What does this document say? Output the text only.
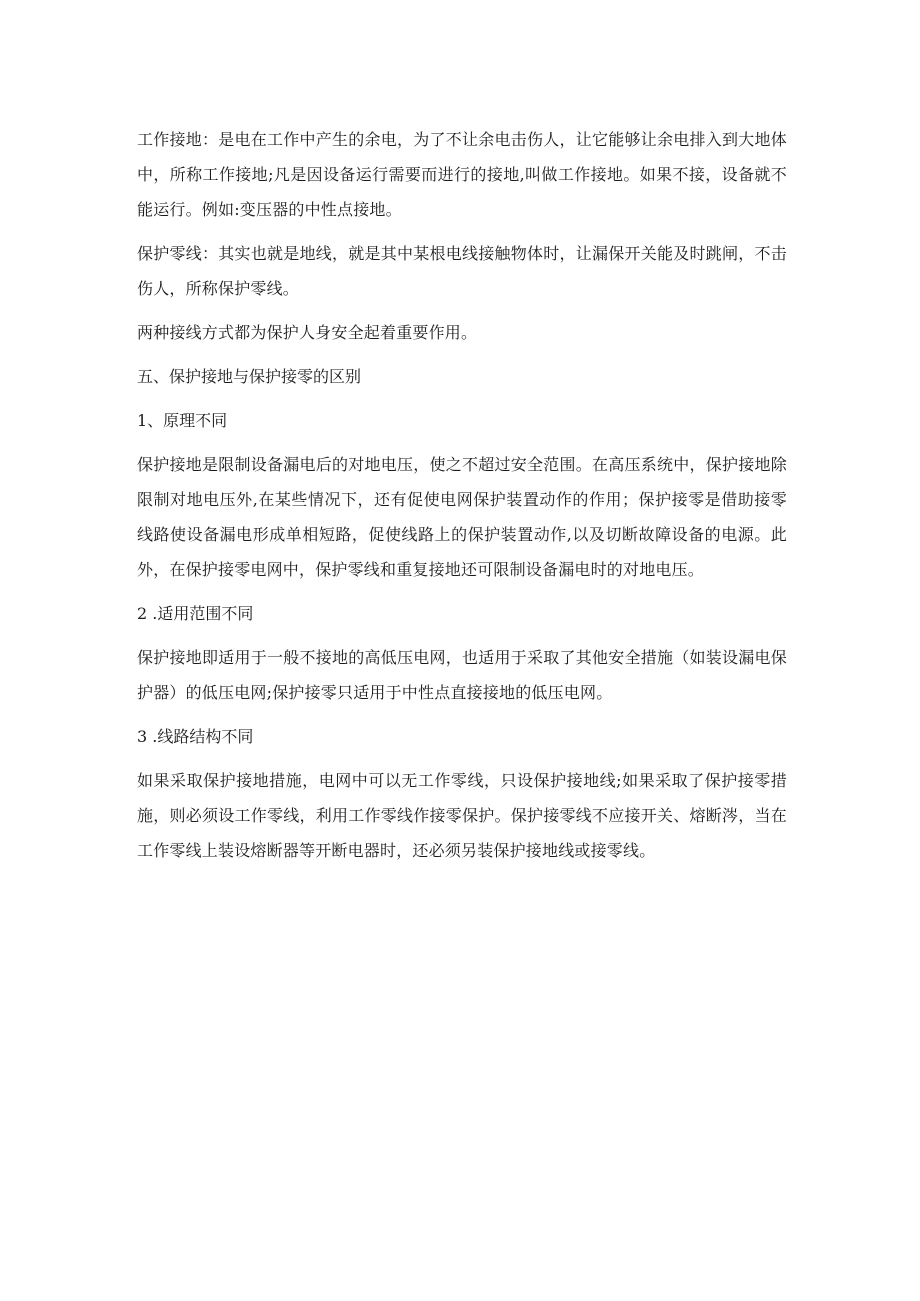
工作接地：是电在工作中产生的余电，为了不让余电击伤人，让它能够让余电排入到大地体中，所称工作接地;凡是因设备运行需要而进行的接地,叫做工作接地。如果不接，设备就不能运行。例如:变压器的中性点接地。

保护零线：其实也就是地线，就是其中某根电线接触物体时，让漏保开关能及时跳闸，不击伤人，所称保护零线。

两种接线方式都为保护人身安全起着重要作用。

五、保护接地与保护接零的区别

1、原理不同

保护接地是限制设备漏电后的对地电压，使之不超过安全范围。在高压系统中，保护接地除限制对地电压外,在某些情况下，还有促使电网保护装置动作的作用；保护接零是借助接零线路使设备漏电形成单相短路，促使线路上的保护装置动作,以及切断故障设备的电源。此外，在保护接零电网中，保护零线和重复接地还可限制设备漏电时的对地电压。

2 .适用范围不同

保护接地即适用于一般不接地的高低压电网，也适用于采取了其他安全措施（如装设漏电保护器）的低压电网;保护接零只适用于中性点直接接地的低压电网。

3 .线路结构不同

如果采取保护接地措施，电网中可以无工作零线，只设保护接地线;如果采取了保护接零措施，则必须设工作零线，利用工作零线作接零保护。保护接零线不应接开关、熔断涔，当在工作零线上装设熔断器等开断电器时，还必须另装保护接地线或接零线。
